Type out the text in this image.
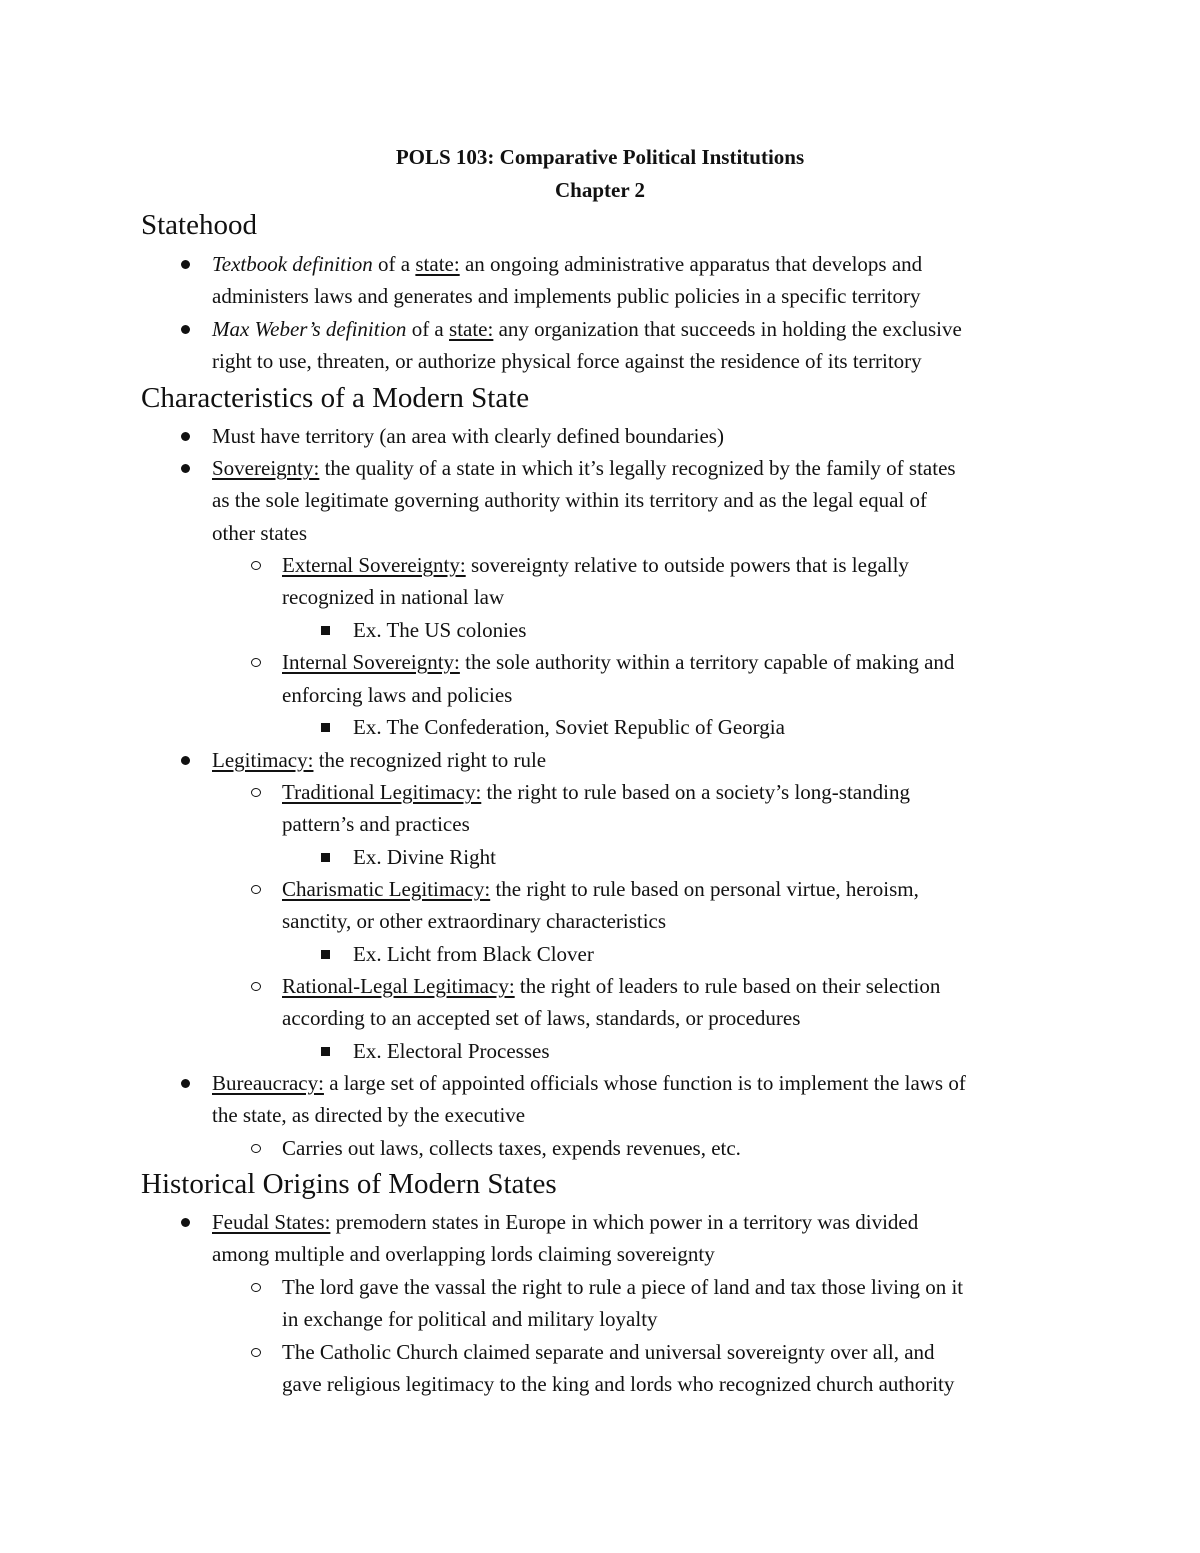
POLS 103: Comparative Political Institutions
Chapter 2
Statehood
Textbook definition of a state: an ongoing administrative apparatus that develops and
administers laws and generates and implements public policies in a specific territory
Max Weber’s definition of a state: any organization that succeeds in holding the exclusive
right to use, threaten, or authorize physical force against the residence of its territory
Characteristics of a Modern State
Must have territory (an area with clearly defined boundaries)
Sovereignty: the quality of a state in which it’s legally recognized by the family of states
as the sole legitimate governing authority within its territory and as the legal equal of
other states
External Sovereignty: sovereignty relative to outside powers that is legally
recognized in national law
Ex. The US colonies
Internal Sovereignty: the sole authority within a territory capable of making and
enforcing laws and policies
Ex. The Confederation, Soviet Republic of Georgia
Legitimacy: the recognized right to rule
Traditional Legitimacy: the right to rule based on a society’s long-standing
pattern’s and practices
Ex. Divine Right
Charismatic Legitimacy: the right to rule based on personal virtue, heroism,
sanctity, or other extraordinary characteristics
Ex. Licht from Black Clover
Rational-Legal Legitimacy: the right of leaders to rule based on their selection
according to an accepted set of laws, standards, or procedures
Ex. Electoral Processes
Bureaucracy: a large set of appointed officials whose function is to implement the laws of
the state, as directed by the executive
Carries out laws, collects taxes, expends revenues, etc.
Historical Origins of Modern States
Feudal States: premodern states in Europe in which power in a territory was divided
among multiple and overlapping lords claiming sovereignty
The lord gave the vassal the right to rule a piece of land and tax those living on it
in exchange for political and military loyalty
The Catholic Church claimed separate and universal sovereignty over all, and
gave religious legitimacy to the king and lords who recognized church authority
